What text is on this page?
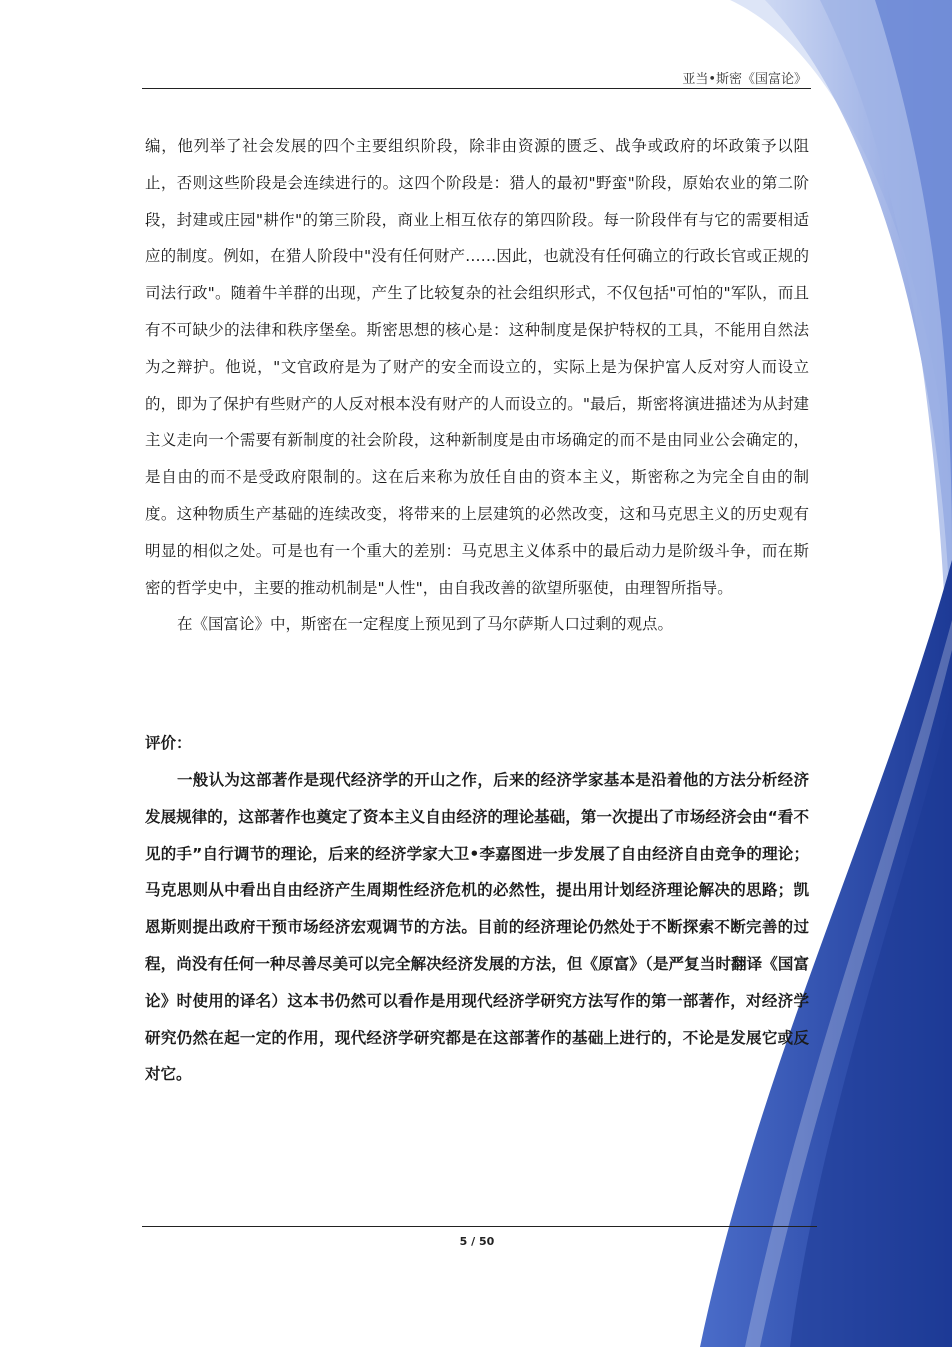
亚当•斯密《国富论》

编，他列举了社会发展的四个主要组织阶段，除非由资源的匮乏、战争或政府的坏政策予以阻止，否则这些阶段是会连续进行的。这四个阶段是：猎人的最初"野蛮"阶段，原始农业的第二阶段，封建或庄园"耕作"的第三阶段，商业上相互依存的第四阶段。每一阶段伴有与它的需要相适应的制度。例如，在猎人阶段中"没有任何财产……因此，也就没有任何确立的行政长官或正规的司法行政"。随着牛羊群的出现，产生了比较复杂的社会组织形式，不仅包括"可怕的"军队，而且有不可缺少的法律和秩序堡垒。斯密思想的核心是：这种制度是保护特权的工具，不能用自然法为之辩护。他说，"文官政府是为了财产的安全而设立的，实际上是为保护富人反对穷人而设立的，即为了保护有些财产的人反对根本没有财产的人而设立的。"最后，斯密将演进描述为从封建主义走向一个需要有新制度的社会阶段，这种新制度是由市场确定的而不是由同业公会确定的，是自由的而不是受政府限制的。这在后来称为放任自由的资本主义，斯密称之为完全自由的制度。这种物质生产基础的连续改变，将带来的上层建筑的必然改变，这和马克思主义的历史观有明显的相似之处。可是也有一个重大的差别：马克思主义体系中的最后动力是阶级斗争，而在斯密的哲学史中，主要的推动机制是"人性"，由自我改善的欲望所驱使，由理智所指导。

在《国富论》中，斯密在一定程度上预见到了马尔萨斯人口过剩的观点。

评价：

一般认为这部著作是现代经济学的开山之作，后来的经济学家基本是沿着他的方法分析经济发展规律的，这部著作也奠定了资本主义自由经济的理论基础，第一次提出了市场经济会由“看不见的手”自行调节的理论，后来的经济学家大卫•李嘉图进一步发展了自由经济自由竞争的理论；马克思则从中看出自由经济产生周期性经济危机的必然性，提出用计划经济理论解决的思路；凯恩斯则提出政府干预市场经济宏观调节的方法。目前的经济理论仍然处于不断探索不断完善的过程，尚没有任何一种尽善尽美可以完全解决经济发展的方法，但《原富》（是严复当时翻译《国富论》时使用的译名）这本书仍然可以看作是用现代经济学研究方法写作的第一部著作，对经济学研究仍然在起一定的作用，现代经济学研究都是在这部著作的基础上进行的，不论是发展它或反对它。

5 / 50
